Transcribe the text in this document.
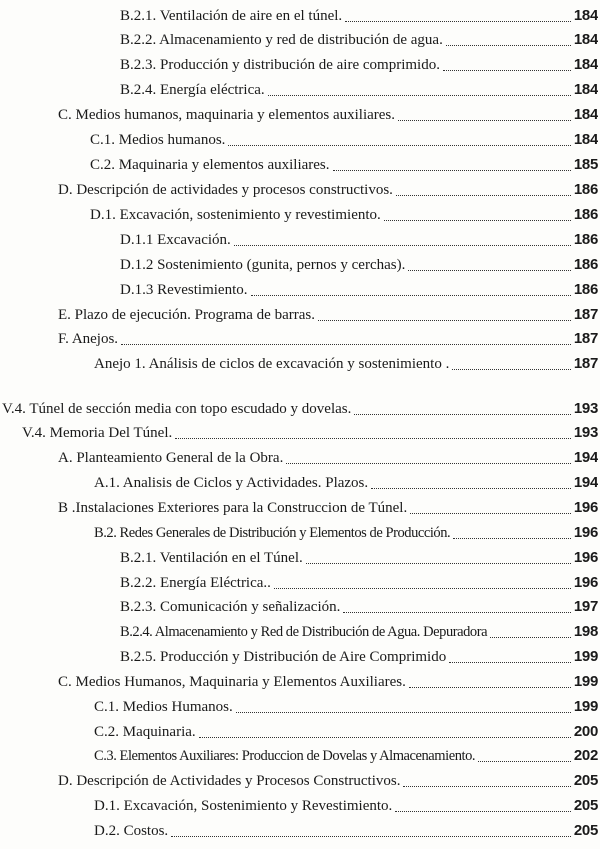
B.2.1. Ventilación de aire en el túnel.	184
B.2.2. Almacenamiento y red de distribución de agua.	184
B.2.3. Producción y distribución de aire comprimido.	184
B.2.4. Energía eléctrica.	184
C. Medios humanos, maquinaria y elementos auxiliares.	184
C.1. Medios humanos.	184
C.2. Maquinaria y elementos auxiliares.	185
D. Descripción de actividades y procesos constructivos.	186
D.1. Excavación, sostenimiento y revestimiento.	186
D.1.1 Excavación.	186
D.1.2 Sostenimiento (gunita, pernos y cerchas).	186
D.1.3 Revestimiento.	186
E. Plazo de ejecución. Programa de barras.	187
F. Anejos.	187
Anejo 1. Análisis de ciclos de excavación y sostenimiento .	187
V.4. Túnel de sección media con topo escudado y dovelas.	193
V.4. Memoria Del Túnel.	193
A. Planteamiento General de la Obra.	194
A.1. Analisis de Ciclos y Actividades. Plazos.	194
B .Instalaciones Exteriores para la Construccion de Túnel.	196
B.2. Redes Generales de Distribución y Elementos de Producción.	196
B.2.1. Ventilación en el Túnel.	196
B.2.2. Energía Eléctrica..	196
B.2.3. Comunicación y señalización.	197
B.2.4. Almacenamiento y Red de Distribución de Agua. Depuradora	198
B.2.5. Producción y Distribución de Aire Comprimido	199
C. Medios Humanos, Maquinaria y Elementos Auxiliares.	199
C.1. Medios Humanos.	199
C.2. Maquinaria.	200
C.3. Elementos Auxiliares: Produccion de Dovelas y Almacenamiento.	202
D. Descripción de Actividades y Procesos Constructivos.	205
D.1. Excavación, Sostenimiento y Revestimiento.	205
D.2. Costos.	205
